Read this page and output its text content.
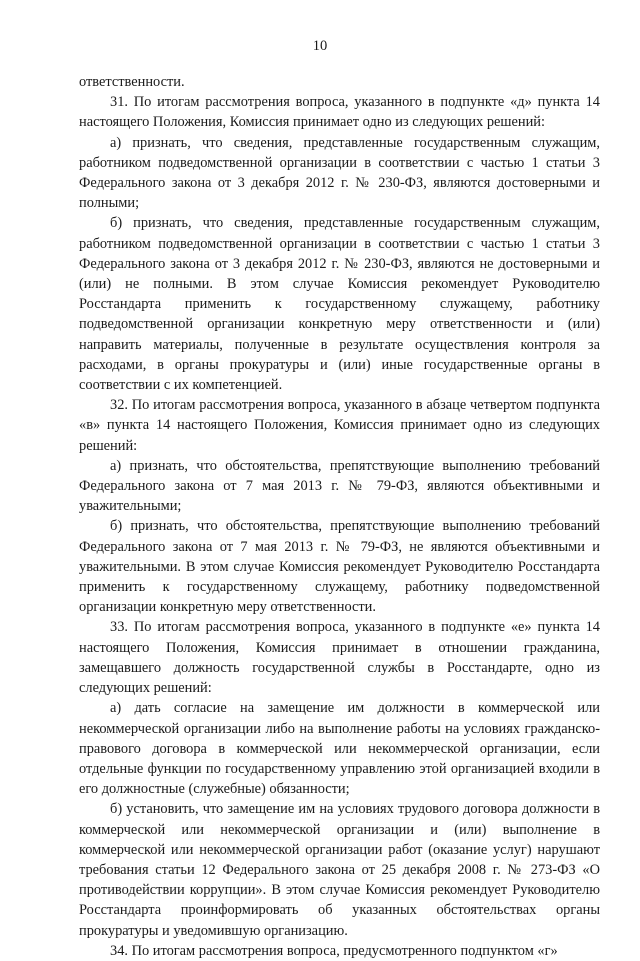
10

ответственности.

31. По итогам рассмотрения вопроса, указанного в подпункте «д» пункта 14 настоящего Положения, Комиссия принимает одно из следующих решений:

а) признать, что сведения, представленные государственным служащим, работником подведомственной организации в соответствии с частью 1 статьи 3 Федерального закона от 3 декабря 2012 г. № 230-ФЗ, являются достоверными и полными;

б) признать, что сведения, представленные государственным служащим, работником подведомственной организации в соответствии с частью 1 статьи 3 Федерального закона от 3 декабря 2012 г. № 230-ФЗ, являются не достоверными и (или) не полными. В этом случае Комиссия рекомендует Руководителю Росстандарта применить к государственному служащему, работнику подведомственной организации конкретную меру ответственности и (или) направить материалы, полученные в результате осуществления контроля за расходами, в органы прокуратуры и (или) иные государственные органы в соответствии с их компетенцией.

32. По итогам рассмотрения вопроса, указанного в абзаце четвертом подпункта «в» пункта 14 настоящего Положения, Комиссия принимает одно из следующих решений:

а) признать, что обстоятельства, препятствующие выполнению требований Федерального закона от 7 мая 2013 г. № 79-ФЗ, являются объективными и уважительными;

б) признать, что обстоятельства, препятствующие выполнению требований Федерального закона от 7 мая 2013 г. № 79-ФЗ, не являются объективными и уважительными. В этом случае Комиссия рекомендует Руководителю Росстандарта применить к государственному служащему, работнику подведомственной организации конкретную меру ответственности.

33. По итогам рассмотрения вопроса, указанного в подпункте «е» пункта 14 настоящего Положения, Комиссия принимает в отношении гражданина, замещавшего должность государственной службы в Росстандарте, одно из следующих решений:

а) дать согласие на замещение им должности в коммерческой или некоммерческой организации либо на выполнение работы на условиях гражданско-правового договора в коммерческой или некоммерческой организации, если отдельные функции по государственному управлению этой организацией входили в его должностные (служебные) обязанности;

б) установить, что замещение им на условиях трудового договора должности в коммерческой или некоммерческой организации и (или) выполнение в коммерческой или некоммерческой организации работ (оказание услуг) нарушают требования статьи 12 Федерального закона от 25 декабря 2008 г. № 273-ФЗ «О противодействии коррупции». В этом случае Комиссия рекомендует Руководителю Росстандарта проинформировать об указанных обстоятельствах органы прокуратуры и уведомившую организацию.

34. По итогам рассмотрения вопроса, предусмотренного подпунктом «г»
